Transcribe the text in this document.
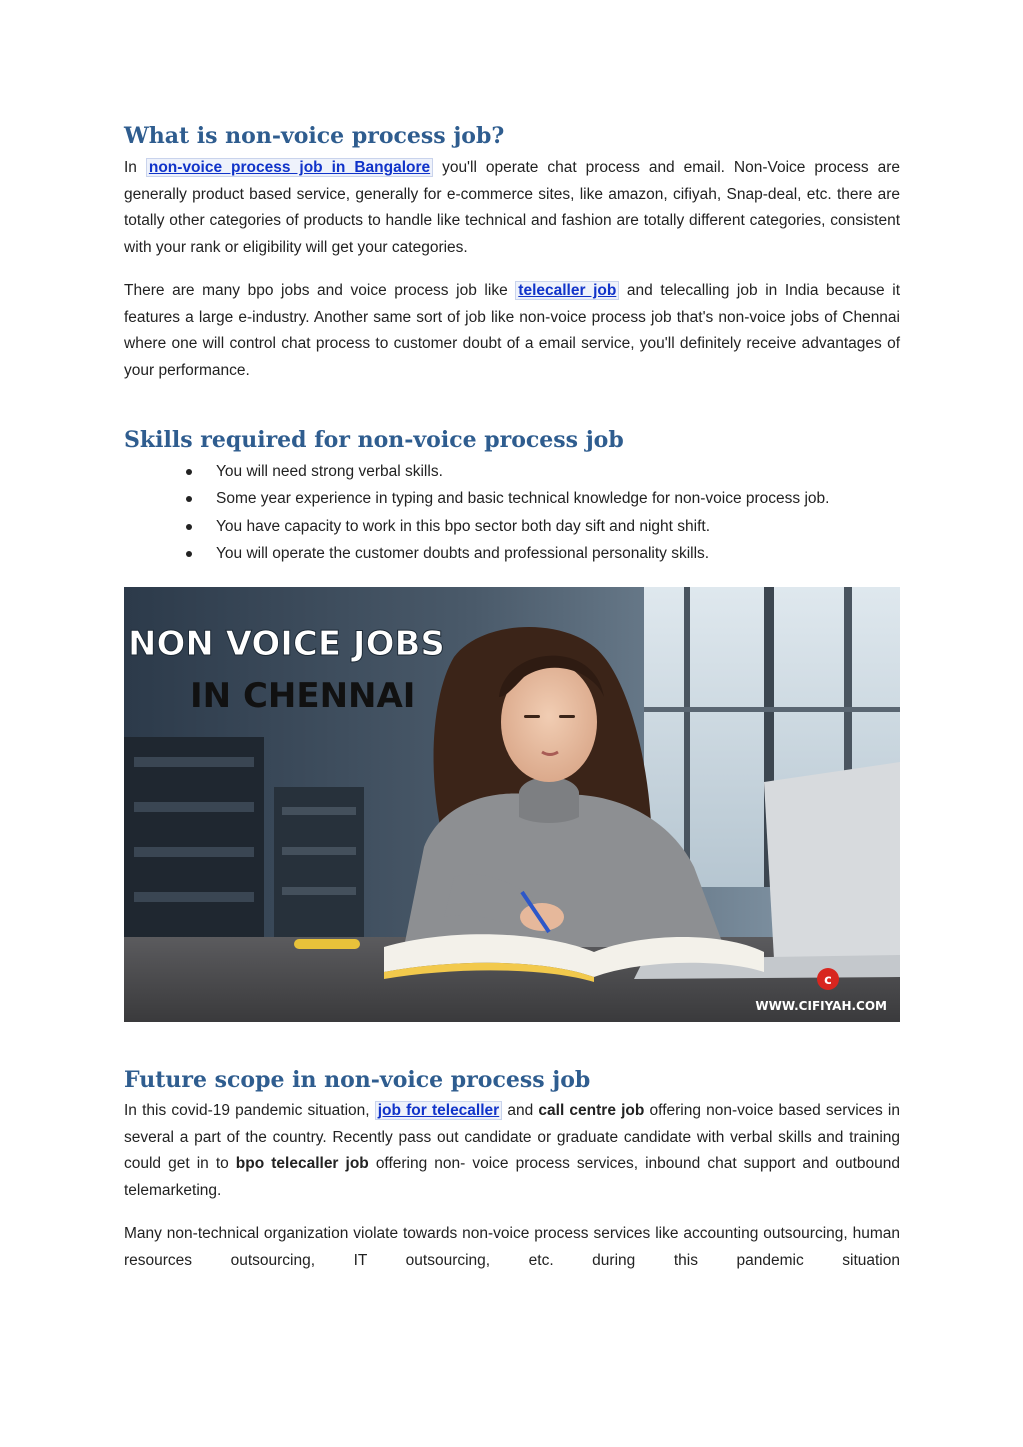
What is non-voice process job?

In non-voice process job in Bangalore you'll operate chat process and email. Non-Voice process are generally product based service, generally for e-commerce sites, like amazon, cifiyah, Snap-deal, etc. there are totally other categories of products to handle like technical and fashion are totally different categories, consistent with your rank or eligibility will get your categories.

There are many bpo jobs and voice process job like telecaller job and telecalling job in India because it features a large e-industry. Another same sort of job like non-voice process job that's non-voice jobs of Chennai where one will control chat process to customer doubt of a email service, you'll definitely receive advantages of your performance.

Skills required for non-voice process job
You will need strong verbal skills.
Some year experience in typing and basic technical knowledge for non-voice process job.
You have capacity to work in this bpo sector both day sift and night shift.
You will operate the customer doubts and professional personality skills.
NON VOICE JOBS
IN CHENNAI
c
WWW.CIFIYAH.COM
Future scope in non-voice process job

In this covid-19 pandemic situation, job for telecaller and call centre job offering non-voice based services in several a part of the country. Recently pass out candidate or graduate candidate with verbal skills and training could get in to bpo telecaller job offering non- voice process services, inbound chat support and outbound telemarketing.

Many non-technical organization violate towards non-voice process services like accounting outsourcing, human resources outsourcing, IT outsourcing, etc. during this pandemic situation
